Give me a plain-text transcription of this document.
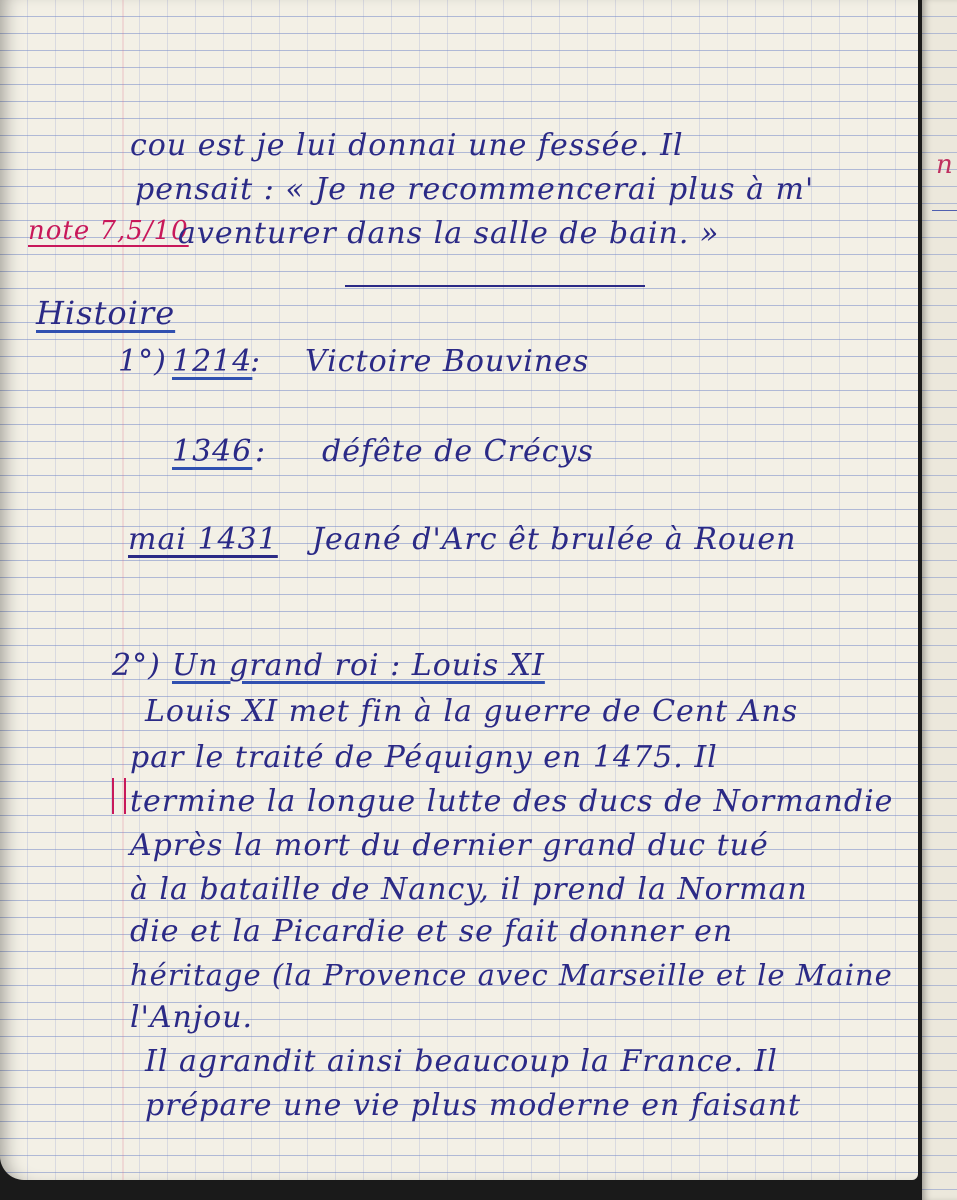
cou est je lui donnai une fessée. Il
pensait : « Je ne recommencerai plus à m'
note 7,5/10
aventurer dans la salle de bain. »
Histoire
1°) 1214
: Victoire Bouvines
1346 : défête de Crécys
mai 1431 Jeané d'Arc êt brulée à Rouen
2°) Un grand roi : Louis XI
Louis XI met fin à la guerre de Cent Ans
par le traité de Péquigny en 1475. Il
termine la longue lutte des ducs de Normandie
Après la mort du dernier grand duc tué
à la bataille de Nancy, il prend la Norman
die et la Picardie et se fait donner en
héritage (la Provence avec Marseille et le Maine
l'Anjou.
Il agrandit ainsi beaucoup la France. Il
prépare une vie plus moderne en faisant
n
